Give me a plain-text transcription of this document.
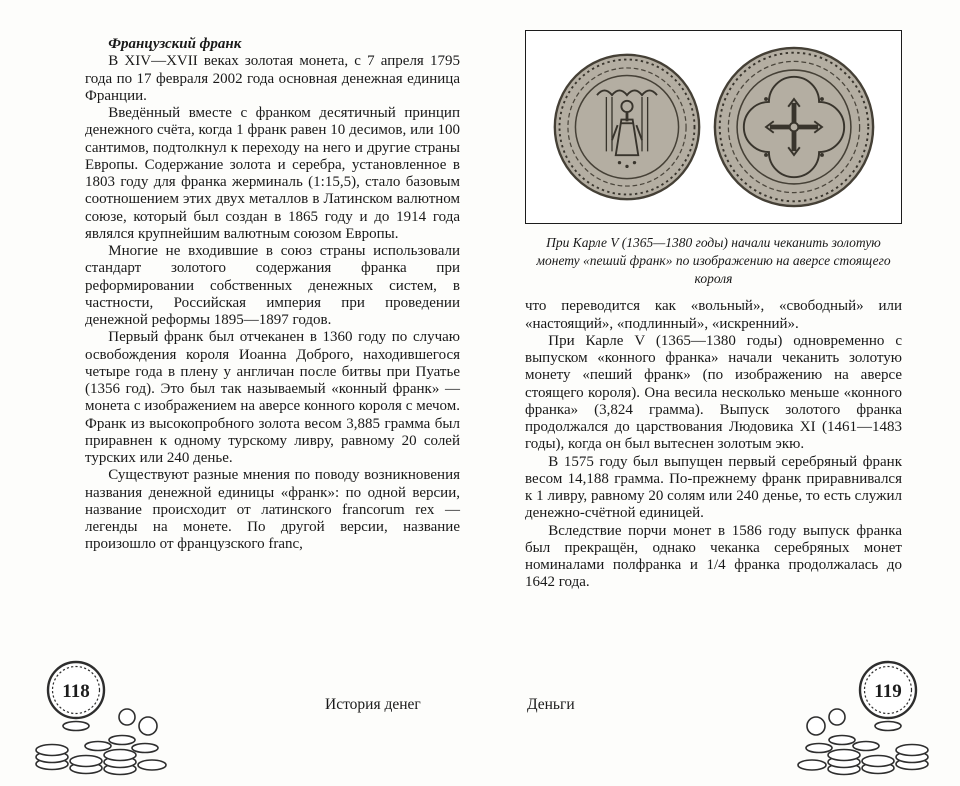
Французский франк

В XIV—XVII веках золотая монета, с 7 апреля 1795 года по 17 февраля 2002 года основная денежная единица Франции.

Введённый вместе с франком десятичный принцип денежного счёта, когда 1 франк равен 10 десимов, или 100 сантимов, подтолкнул к переходу на него и другие страны Европы. Содержание золота и серебра, установленное в 1803 году для франка жерминаль (1:15,5), стало базовым соотношением этих двух металлов в Латинском валютном союзе, который был создан в 1865 году и до 1914 года являлся крупнейшим валютным союзом Европы.

Многие не входившие в союз страны использовали стандарт золотого содержания франка при реформировании собственных денежных систем, в частности, Российская империя при проведении денежной реформы 1895—1897 годов.

Первый франк был отчеканен в 1360 году по случаю освобождения короля Иоанна Доброго, находившегося четыре года в плену у англичан после битвы при Пуатье (1356 год). Это был так называемый «конный франк» — монета с изображением на аверсе конного короля с мечом. Франк из высокопробного золота весом 3,885 грамма был приравнен к одному турскому ливру, равному 20 солей турских или 240 денье.

Существуют разные мнения по поводу возникновения названия денежной единицы «франк»: по одной версии, название происходит от латинского francorum rex — легенды на монете. По другой версии, название произошло от французского franc,

История денег
118

При Карле V (1365—1380 годы) начали чеканить золотую монету «пеший франк» по изображению на аверсе стоящего короля

что переводится как «вольный», «свободный» или «настоящий», «подлинный», «искренний».

При Карле V (1365—1380 годы) одновременно с выпуском «конного франка» начали чеканить золотую монету «пеший франк» (по изображению на аверсе стоящего короля). Она весила несколько меньше «конного франка» (3,824 грамма). Выпуск золотого франка продолжался до царствования Людовика XI (1461—1483 годы), когда он был вытеснен золотым экю.

В 1575 году был выпущен первый серебряный франк весом 14,188 грамма. По-прежнему франк приравнивался к 1 ливру, равному 20 солям или 240 денье, то есть служил денежно-счётной единицей.

Вследствие порчи монет в 1586 году выпуск франка был прекращён, однако чеканка серебряных монет номиналами полфранка и 1/4 франка продолжалась до 1642 года.

Деньги
119
